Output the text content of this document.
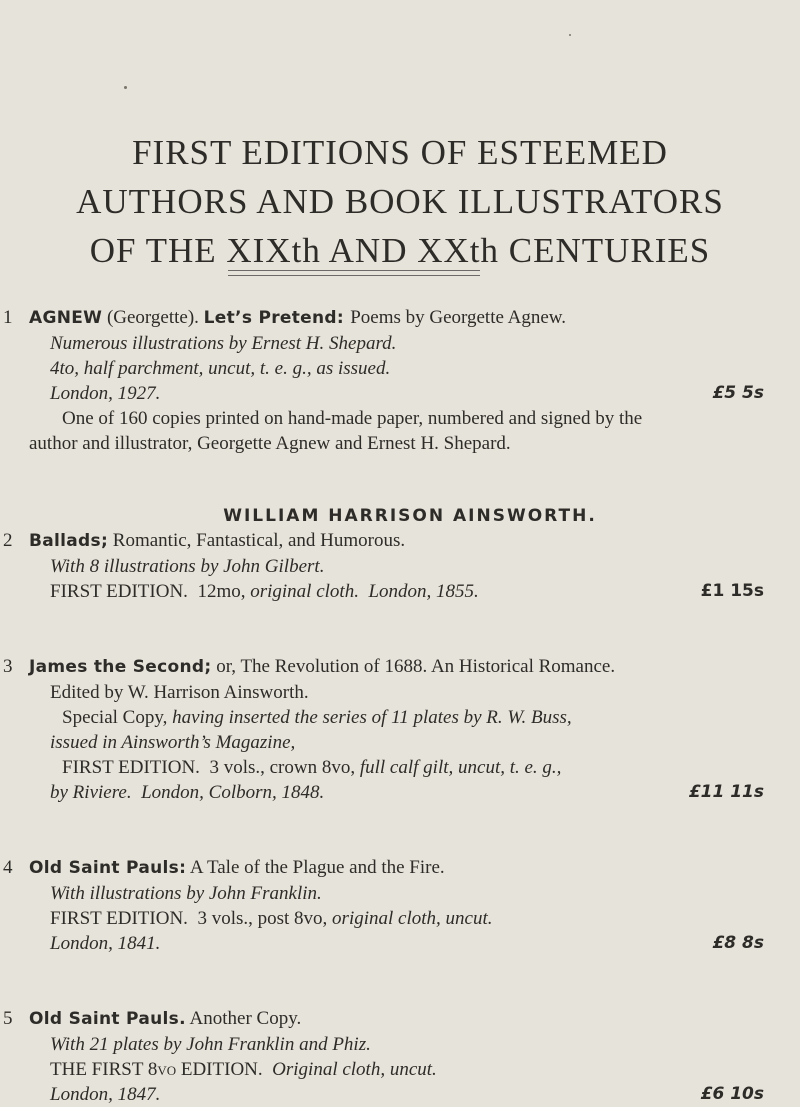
FIRST EDITIONS OF ESTEEMED
AUTHORS AND BOOK ILLUSTRATORS
OF THE XIXth AND XXth CENTURIES
1 AGNEW (Georgette). Let’s Pretend: Poems by Georgette Agnew.
Numerous illustrations by Ernest H. Shepard.
4to, half parchment, uncut, t. e. g., as issued.
London, 1927.	£5 5s
One of 160 copies printed on hand-made paper, numbered and signed by the
author and illustrator, Georgette Agnew and Ernest H. Shepard.

WILLIAM HARRISON AINSWORTH.

2 Ballads; Romantic, Fantastical, and Humorous.
With 8 illustrations by John Gilbert.
FIRST EDITION. 12mo, original cloth. London, 1855.	£1 15s
3 James the Second; or, The Revolution of 1688. An Historical Romance.
Edited by W. Harrison Ainsworth.
Special Copy, having inserted the series of 11 plates by R. W. Buss,
issued in Ainsworth’s Magazine,
FIRST EDITION. 3 vols., crown 8vo, full calf gilt, uncut, t. e. g.,
by Riviere. London, Colborn, 1848.	£11 11s
4 Old Saint Pauls: A Tale of the Plague and the Fire.
With illustrations by John Franklin.
FIRST EDITION. 3 vols., post 8vo, original cloth, uncut.
London, 1841.	£8 8s
5 Old Saint Pauls. Another Copy.
With 21 plates by John Franklin and Phiz.
THE FIRST 8vo EDITION. Original cloth, uncut.
London, 1847.	£6 10s
